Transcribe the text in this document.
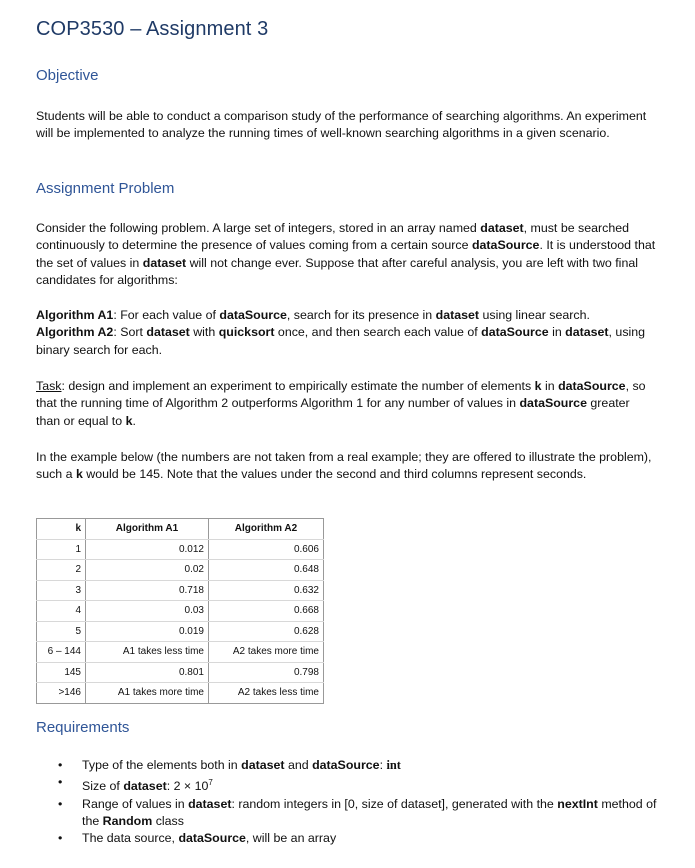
COP3530 – Assignment 3
Objective
Students will be able to conduct a comparison study of the performance of searching algorithms. An experiment will be implemented to analyze the running times of well-known searching algorithms in a given scenario.
Assignment Problem
Consider the following problem. A large set of integers, stored in an array named dataset, must be searched continuously to determine the presence of values coming from a certain source dataSource. It is understood that the set of values in dataset will not change ever. Suppose that after careful analysis, you are left with two final candidates for algorithms:
Algorithm A1: For each value of dataSource, search for its presence in dataset using linear search.
Algorithm A2: Sort dataset with quicksort once, and then search each value of dataSource in dataset, using binary search for each.
Task: design and implement an experiment to empirically estimate the number of elements k in dataSource, so that the running time of Algorithm 2 outperforms Algorithm 1 for any number of values in dataSource greater than or equal to k.
In the example below (the numbers are not taken from a real example; they are offered to illustrate the problem), such a k would be 145. Note that the values under the second and third columns represent seconds.
k	Algorithm A1	Algorithm A2
1	0.012	0.606
2	0.02	0.648
3	0.718	0.632
4	0.03	0.668
5	0.019	0.628
6 – 144	A1 takes less time	A2 takes more time
145	0.801	0.798
>146	A1 takes more time	A2 takes less time
Requirements
• Type of the elements both in dataset and dataSource: int
• Size of dataset: $2 \times 10^7$
• Range of values in dataset: random integers in [0, size of dataset], generated with the nextInt method of the Random class
• The data source, dataSource, will be an array
